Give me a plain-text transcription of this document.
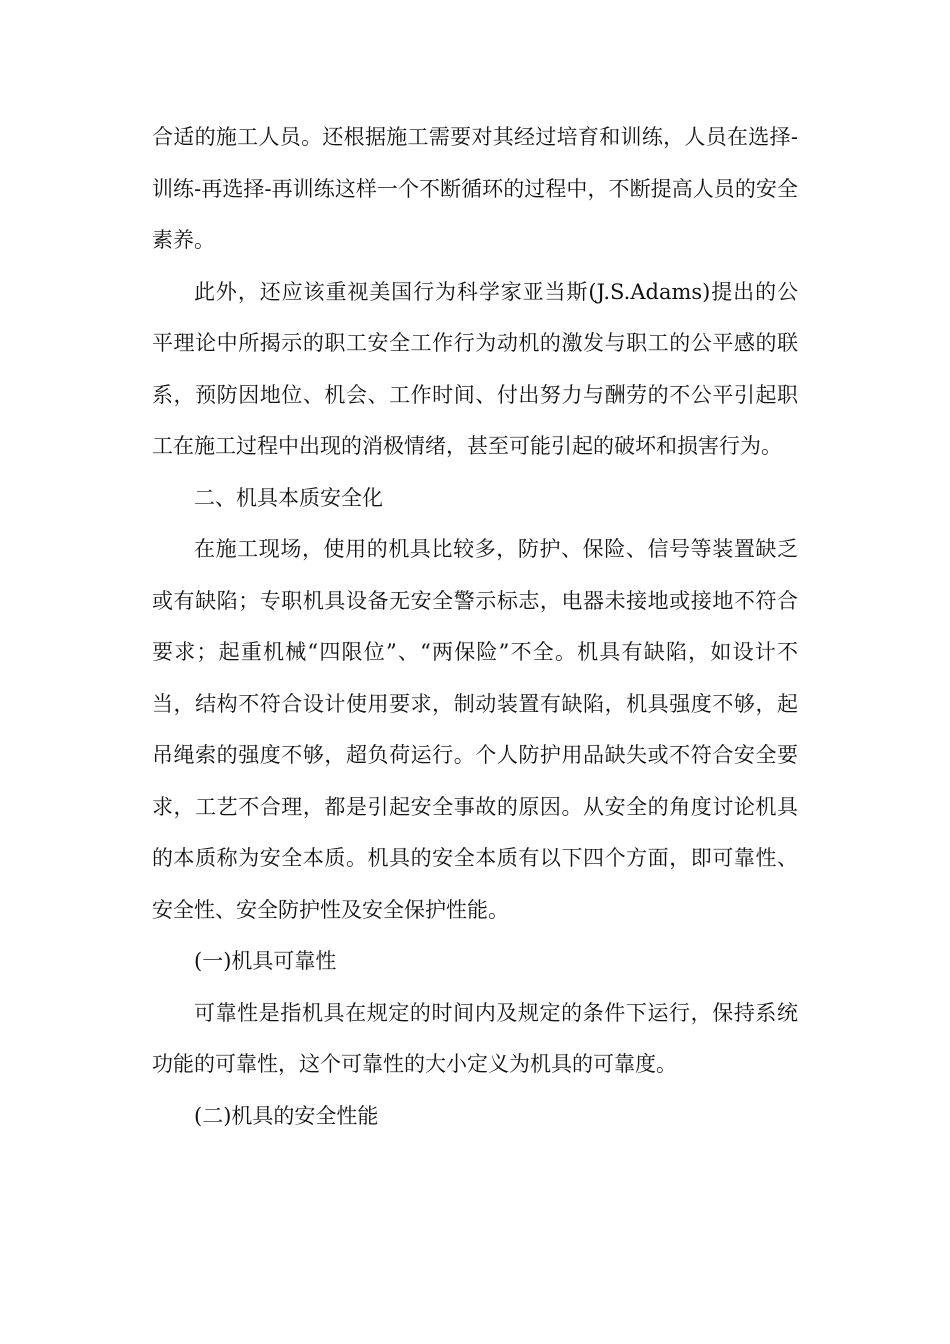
合适的施工人员。还根据施工需要对其经过培育和训练，人员在选择-训练-再选择-再训练这样一个不断循环的过程中，不断提高人员的安全素养。

此外，还应该重视美国行为科学家亚当斯(J.S.Adams)提出的公平理论中所揭示的职工安全工作行为动机的激发与职工的公平感的联系，预防因地位、机会、工作时间、付出努力与酬劳的不公平引起职工在施工过程中出现的消极情绪，甚至可能引起的破坏和损害行为。

二、机具本质安全化

在施工现场，使用的机具比较多，防护、保险、信号等装置缺乏或有缺陷；专职机具设备无安全警示标志，电器未接地或接地不符合要求；起重机械“四限位”、“两保险”不全。机具有缺陷，如设计不当，结构不符合设计使用要求，制动装置有缺陷，机具强度不够，起吊绳索的强度不够，超负荷运行。个人防护用品缺失或不符合安全要求，工艺不合理，都是引起安全事故的原因。从安全的角度讨论机具的本质称为安全本质。机具的安全本质有以下四个方面，即可靠性、安全性、安全防护性及安全保护性能。

(一)机具可靠性

可靠性是指机具在规定的时间内及规定的条件下运行，保持系统功能的可靠性，这个可靠性的大小定义为机具的可靠度。

(二)机具的安全性能
